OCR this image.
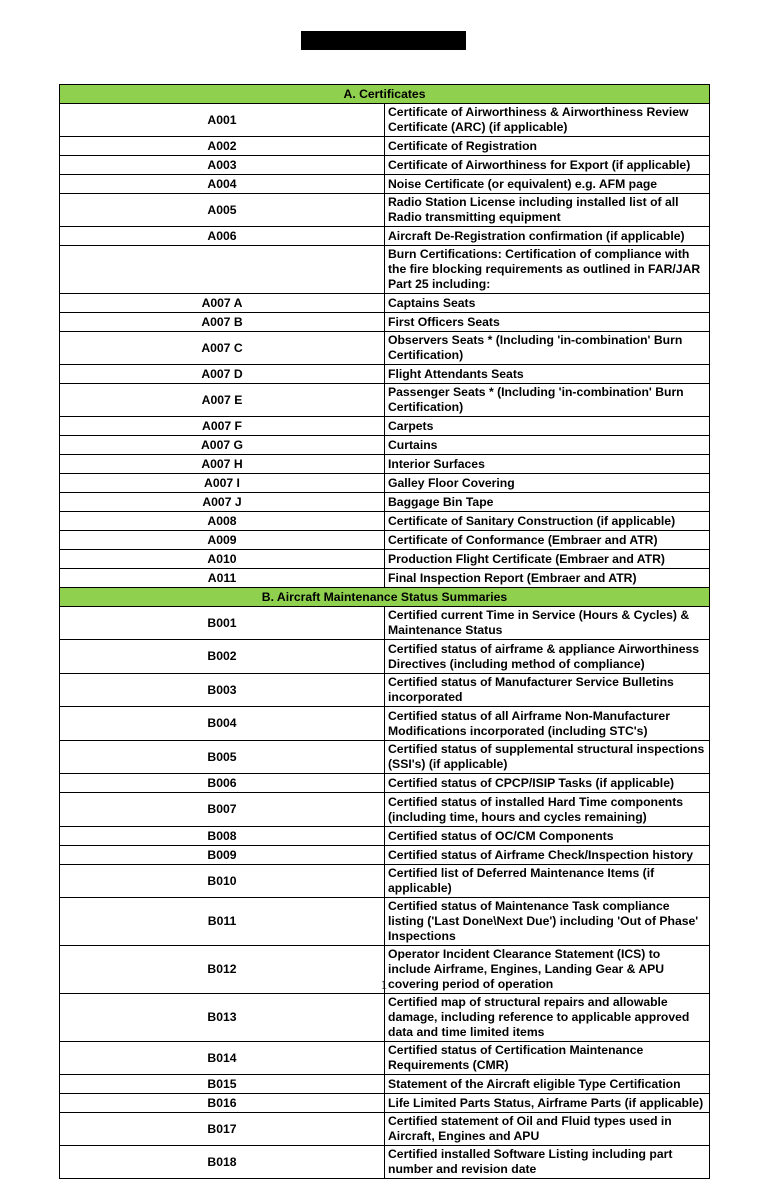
A. Certificates	
A001	Certificate of Airworthiness & Airworthiness Review Certificate (ARC) (if applicable)
A002	Certificate of Registration
A003	Certificate of Airworthiness for Export (if applicable)
A004	Noise Certificate (or equivalent) e.g. AFM page
A005	Radio Station License including installed list of all Radio transmitting equipment
A006	Aircraft De-Registration confirmation (if applicable)
	Burn Certifications: Certification of compliance with the fire blocking requirements as outlined in FAR/JAR Part 25 including:
A007 A	Captains Seats
A007 B	First Officers Seats
A007 C	Observers Seats * (Including 'in-combination' Burn Certification)
A007 D	Flight Attendants Seats
A007 E	Passenger Seats * (Including 'in-combination' Burn Certification)
A007 F	Carpets
A007 G	Curtains
A007 H	Interior Surfaces
A007 I	Galley Floor Covering
A007 J	Baggage Bin Tape
A008	Certificate of Sanitary Construction (if applicable)
A009	Certificate of Conformance (Embraer and ATR)
A010	Production Flight Certificate (Embraer and ATR)
A011	Final Inspection Report (Embraer and ATR)
B. Aircraft Maintenance Status Summaries	
B001	Certified current Time in Service (Hours & Cycles) & Maintenance Status
B002	Certified status of airframe & appliance Airworthiness Directives (including method of compliance)
B003	Certified status of Manufacturer Service Bulletins incorporated
B004	Certified status of all Airframe Non-Manufacturer Modifications incorporated (including STC's)
B005	Certified status of supplemental structural inspections (SSI's) (if applicable)
B006	Certified status of CPCP/ISIP Tasks (if applicable)
B007	Certified status of installed Hard Time components (including time, hours and cycles remaining)
B008	Certified status of OC/CM Components
B009	Certified status of Airframe Check/Inspection history
B010	Certified list of Deferred Maintenance Items (if applicable)
B011	Certified status of Maintenance Task compliance listing ('Last Done\Next Due') including 'Out of Phase' Inspections
B012	Operator Incident Clearance Statement (ICS) to include Airframe, Engines, Landing Gear & APU covering period of operation
B013	Certified map of structural repairs and allowable damage, including reference to applicable approved data and time limited items
B014	Certified status of Certification Maintenance Requirements (CMR)
B015	Statement of the Aircraft eligible Type Certification
B016	Life Limited Parts Status, Airframe Parts (if applicable)
B017	Certified statement of Oil and Fluid types used in Aircraft, Engines and APU
B018	Certified installed Software Listing including part number and revision date
1
